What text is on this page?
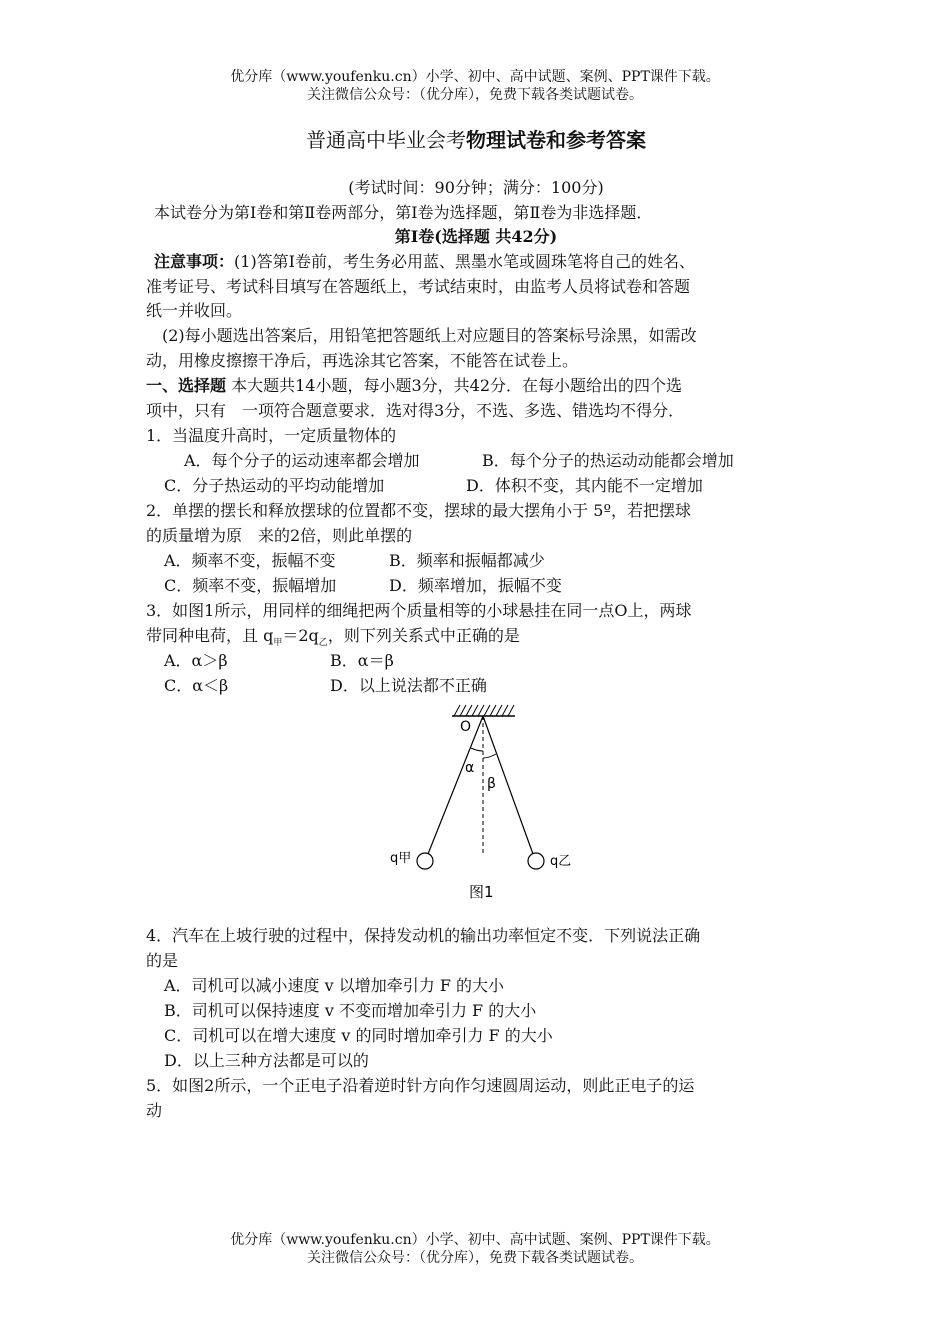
优分库（www.youfenku.cn）小学、初中、高中试题、案例、PPT课件下载。
关注微信公众号：（优分库），免费下载各类试题试卷。
普通高中毕业会考物理试卷和参考答案
(考试时间：90分钟；满分：100分)
本试卷分为第Ⅰ卷和第Ⅱ卷两部分，第Ⅰ卷为选择题，第Ⅱ卷为非选择题．
第Ⅰ卷(选择题 共42分)
注意事项：(1)答第Ⅰ卷前，考生务必用蓝、黑墨水笔或圆珠笔将自己的姓名、
准考证号、考试科目填写在答题纸上，考试结束时，由监考人员将试卷和答题
纸一并收回。
(2)每小题选出答案后，用铅笔把答题纸上对应题目的答案标号涂黑，如需改
动，用橡皮擦擦干净后，再选涂其它答案，不能答在试卷上。
一、选择题 本大题共14小题，每小题3分，共42分．在每小题给出的四个选
项中，只有　一项符合题意要求．选对得3分，不选、多选、错选均不得分．
1．当温度升高时，一定质量物体的
A．每个分子的运动速率都会增加	B．每个分子的热运动动能都会增加
C．分子热运动的平均动能增加	D．体积不变，其内能不一定增加
2．单摆的摆长和释放摆球的位置都不变，摆球的最大摆角小于 5º，若把摆球
的质量增为原　来的2倍，则此单摆的
A．频率不变，振幅不变	B．频率和振幅都减少
C．频率不变，振幅增加	D．频率增加，振幅不变
3．如图1所示，用同样的细绳把两个质量相等的小球悬挂在同一点O上，两球
带同种电荷，且 $q_甲=2q_乙$，则下列关系式中正确的是
A．α＞β	B．α＝β
C．α＜β	D．以上说法都不正确
4．汽车在上坡行驶的过程中，保持发动机的输出功率恒定不变．下列说法正确
的是
A．司机可以减小速度 v 以增加牵引力 F 的大小
B．司机可以保持速度 v 不变而增加牵引力 F 的大小
C．司机可以在增大速度 v 的同时增加牵引力 F 的大小
D．以上三种方法都是可以的
5．如图2所示，一个正电子沿着逆时针方向作匀速圆周运动，则此正电子的运
动
O
α
β
q甲	q乙
图1
优分库（www.youfenku.cn）小学、初中、高中试题、案例、PPT课件下载。
关注微信公众号：（优分库），免费下载各类试题试卷。
